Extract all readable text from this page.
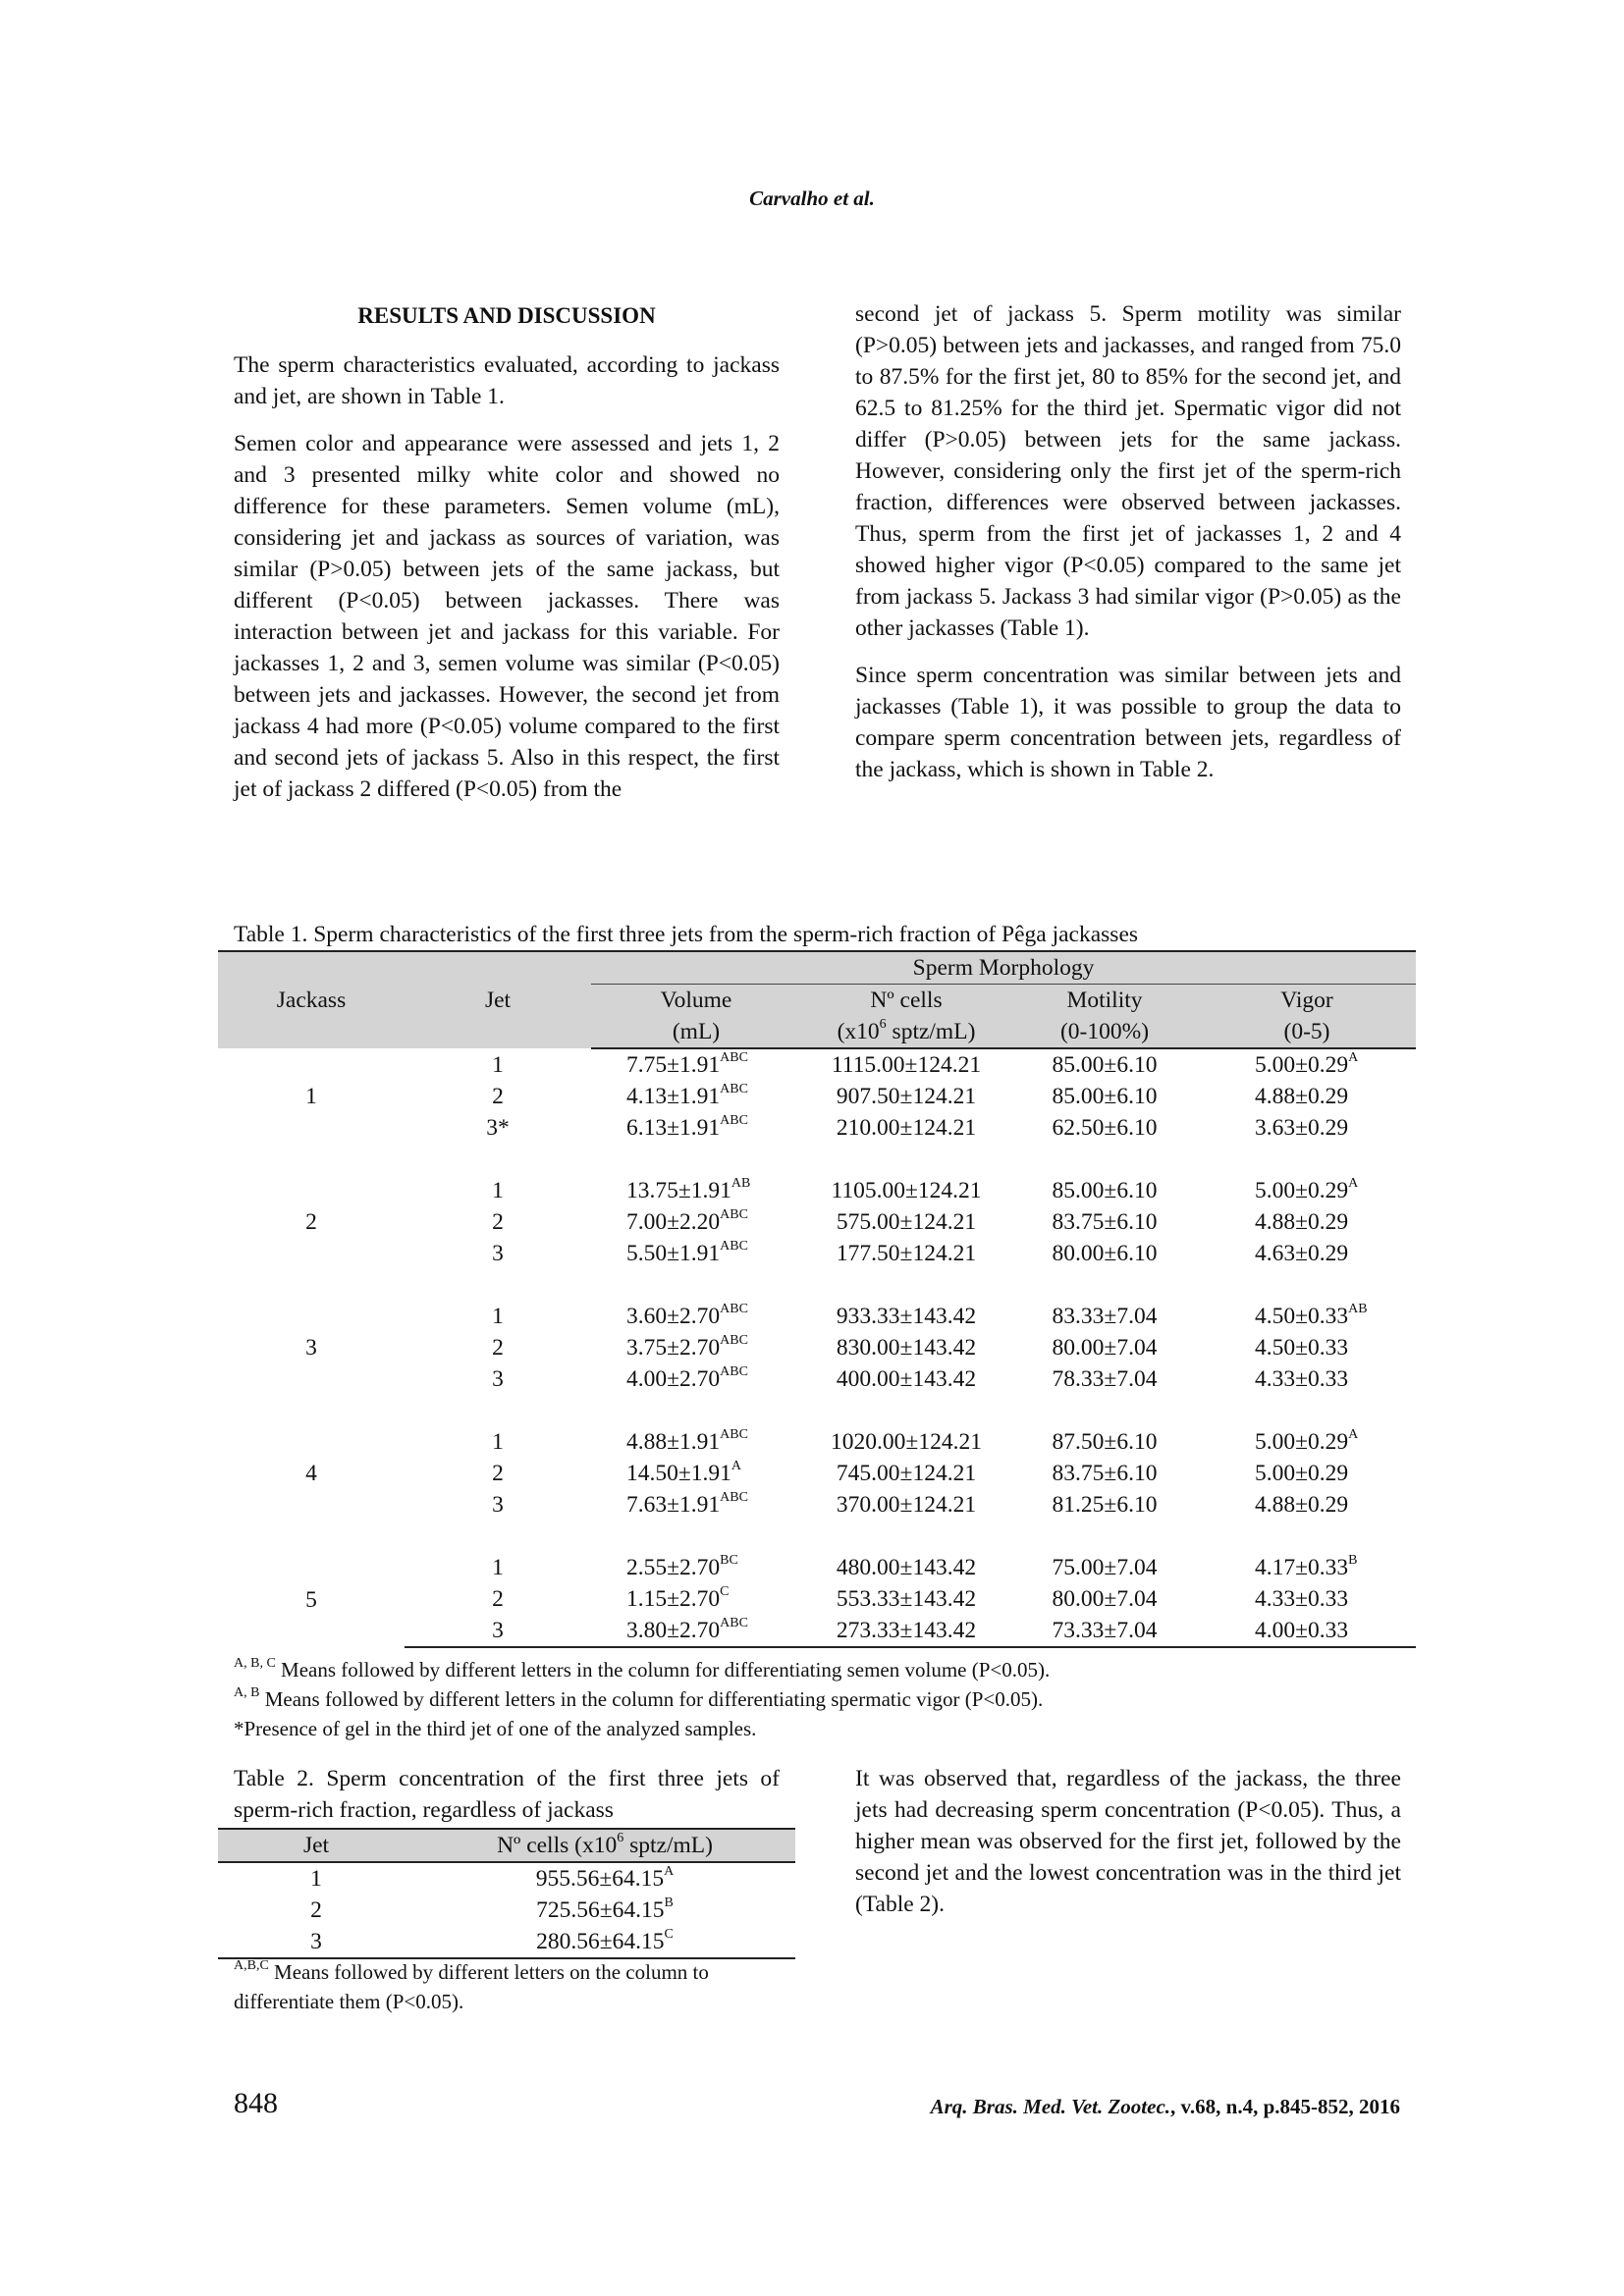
Carvalho et al.
RESULTS AND DISCUSSION

The sperm characteristics evaluated, according to jackass and jet, are shown in Table 1.

Semen color and appearance were assessed and jets 1, 2 and 3 presented milky white color and showed no difference for these parameters. Semen volume (mL), considering jet and jackass as sources of variation, was similar (P>0.05) between jets of the same jackass, but different (P<0.05) between jackasses. There was interaction between jet and jackass for this variable. For jackasses 1, 2 and 3, semen volume was similar (P<0.05) between jets and jackasses. However, the second jet from jackass 4 had more (P<0.05) volume compared to the first and second jets of jackass 5. Also in this respect, the first jet of jackass 2 differed (P<0.05) from the

second jet of jackass 5. Sperm motility was similar (P>0.05) between jets and jackasses, and ranged from 75.0 to 87.5% for the first jet, 80 to 85% for the second jet, and 62.5 to 81.25% for the third jet. Spermatic vigor did not differ (P>0.05) between jets for the same jackass. However, considering only the first jet of the sperm-rich fraction, differences were observed between jackasses. Thus, sperm from the first jet of jackasses 1, 2 and 4 showed higher vigor (P<0.05) compared to the same jet from jackass 5. Jackass 3 had similar vigor (P>0.05) as the other jackasses (Table 1).

Since sperm concentration was similar between jets and jackasses (Table 1), it was possible to group the data to compare sperm concentration between jets, regardless of the jackass, which is shown in Table 2.

Table 1. Sperm characteristics of the first three jets from the sperm-rich fraction of Pêga jackasses
Jackass	Jet	Sperm Morphology			
		Volume	Nº cells	Motility	Vigor
		(mL)	($x10^6$ sptz/mL)	(0-100%)	(0-5)
1	1	$7.75\pm 1.91^{ABC}$	1115.00±124.21	85.00±6.10	$5.00\pm 0.29^A$
	2	$4.13\pm 1.91^{ABC}$	907.50±124.21	85.00±6.10	4.88±0.29
	3*	$6.13\pm 1.91^{ABC}$	210.00±124.21	62.50±6.10	3.63±0.29

2	1	$13.75\pm 1.91^{AB}$	1105.00±124.21	85.00±6.10	$5.00\pm 0.29^A$
	2	$7.00\pm 2.20^{ABC}$	575.00±124.21	83.75±6.10	4.88±0.29
	3	$5.50\pm 1.91^{ABC}$	177.50±124.21	80.00±6.10	4.63±0.29

3	1	$3.60\pm 2.70^{ABC}$	933.33±143.42	83.33±7.04	$4.50\pm 0.33^{AB}$
	2	$3.75\pm 2.70^{ABC}$	830.00±143.42	80.00±7.04	4.50±0.33
	3	$4.00\pm 2.70^{ABC}$	400.00±143.42	78.33±7.04	4.33±0.33

4	1	$4.88\pm 1.91^{ABC}$	1020.00±124.21	87.50±6.10	$5.00\pm 0.29^A$
	2	$14.50\pm 1.91^A$	745.00±124.21	83.75±6.10	5.00±0.29
	3	$7.63\pm 1.91^{ABC}$	370.00±124.21	81.25±6.10	4.88±0.29

5	1	$2.55\pm 2.70^{BC}$	480.00±143.42	75.00±7.04	$4.17\pm 0.33^B$
	2	$1.15\pm 2.70^C$	553.33±143.42	80.00±7.04	4.33±0.33
	3	$3.80\pm 2.70^{ABC}$	273.33±143.42	73.33±7.04	4.00±0.33
$^{A, B, C}$ Means followed by different letters in the column for differentiating semen volume (P<0.05).
$^{A, B}$ Means followed by different letters in the column for differentiating spermatic vigor (P<0.05).
*Presence of gel in the third jet of one of the analyzed samples.
Table 2. Sperm concentration of the first three jets of sperm-rich fraction, regardless of jackass
Jet	Nº cells ($x10^6$ sptz/mL)
1	$955.56\pm 64.15^A$
2	$725.56\pm 64.15^B$
3	$280.56\pm 64.15^C$
$^{A,B,C}$ Means followed by different letters on the column to differentiate them (P<0.05).
It was observed that, regardless of the jackass, the three jets had decreasing sperm concentration (P<0.05). Thus, a higher mean was observed for the first jet, followed by the second jet and the lowest concentration was in the third jet (Table 2).
848	Arq. Bras. Med. Vet. Zootec., v.68, n.4, p.845-852, 2016
